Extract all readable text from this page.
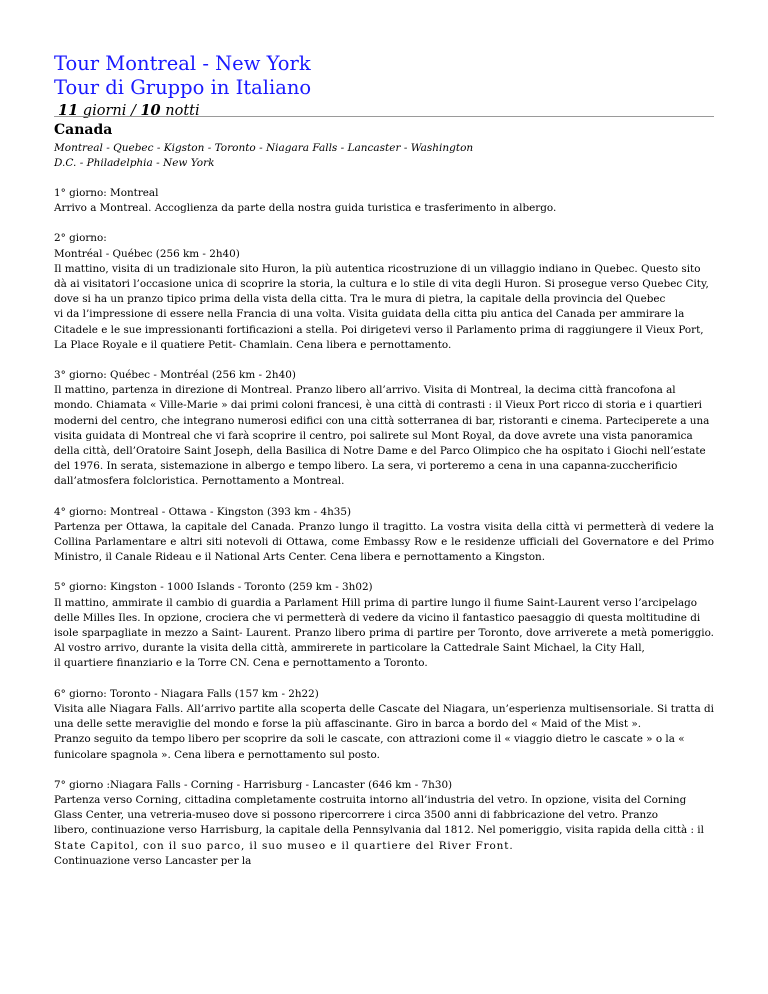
Tour Montreal - New York
Tour di Gruppo in Italiano
11 giorni / 10 notti
Canada
Montreal - Quebec - Kigston - Toronto - Niagara Falls - Lancaster - Washington D.C. - Philadelphia - New York

1° giorno: Montreal

Arrivo a Montreal. Accoglienza da parte della nostra guida turistica e trasferimento in albergo.

2° giorno:

Montréal - Québec (256 km - 2h40)

Il mattino, visita di un tradizionale sito Huron, la più autentica ricostruzione di un villaggio indiano in Quebec. Questo sito dà ai visitatori l’occasione unica di scoprire la storia, la cultura e lo stile di vita degli Huron. Si prosegue verso Quebec City, dove si ha un pranzo tipico prima della vista della citta. Tra le mura di pietra, la capitale della provincia del Quebec

vi da l’impressione di essere nella Francia di una volta. Visita guidata della citta piu antica del Canada per ammirare la Citadele e le sue impressionanti fortificazioni a stella. Poi dirigetevi verso il Parlamento prima di raggiungere il Vieux Port, La Place Royale e il quatiere Petit- Chamlain. Cena libera e pernottamento.

3° giorno: Québec - Montréal (256 km - 2h40)

Il mattino, partenza in direzione di Montreal. Pranzo libero all’arrivo. Visita di Montreal, la decima città francofona al mondo. Chiamata « Ville-Marie » dai primi coloni francesi, è una città di contrasti : il Vieux Port ricco di storia e i quartieri moderni del centro, che integrano numerosi edifici con una città sotterranea di bar, ristoranti e cinema. Parteciperete a una visita guidata di Montreal che vi farà scoprire il centro, poi salirete sul Mont Royal, da dove avrete una vista panoramica della città, dell’Oratoire Saint Joseph, della Basilica di Notre Dame e del Parco Olimpico che ha ospitato i Giochi nell’estate del 1976. In serata, sistemazione in albergo e tempo libero. La sera, vi porteremo a cena in una capanna-zuccherificio dall’atmosfera folcloristica. Pernottamento a Montreal.

4° giorno: Montreal - Ottawa - Kingston (393 km - 4h35)

Partenza per Ottawa, la capitale del Canada. Pranzo lungo il tragitto. La vostra visita della città vi permetterà di vedere la Collina Parlamentare e altri siti notevoli di Ottawa, come Embassy Row e le residenze ufficiali del Governatore e del Primo Ministro, il Canale Rideau e il National Arts Center. Cena libera e pernottamento a Kingston.

5° giorno: Kingston - 1000 Islands - Toronto (259 km - 3h02)

Il mattino, ammirate il cambio di guardia a Parlament Hill prima di partire lungo il fiume Saint-Laurent verso l’arcipelago delle Milles Iles. In opzione, crociera che vi permetterà di vedere da vicino il fantastico paesaggio di questa moltitudine di

isole sparpagliate in mezzo a Saint- Laurent. Pranzo libero prima di partire per Toronto, dove arriverete a metà pomeriggio. Al vostro arrivo, durante la visita della città, ammirerete in particolare la Cattedrale Saint Michael, la City Hall,

il quartiere finanziario e la Torre CN. Cena e pernottamento a Toronto.

6° giorno: Toronto - Niagara Falls (157 km - 2h22)

Visita alle Niagara Falls. All’arrivo partite alla scoperta delle Cascate del Niagara, un’esperienza multisensoriale. Si tratta di una delle sette meraviglie del mondo e forse la più affascinante. Giro in barca a bordo del « Maid of the Mist ».

Pranzo seguito da tempo libero per scoprire da soli le cascate, con attrazioni come il « viaggio dietro le cascate » o la « funicolare spagnola ». Cena libera e pernottamento sul posto.

7° giorno :Niagara Falls - Corning - Harrisburg - Lancaster (646 km - 7h30)

Partenza verso Corning, cittadina completamente costruita intorno all’industria del vetro. In opzione, visita del Corning Glass Center, una vetreria-museo dove si possono ripercorrere i circa 3500 anni di fabbricazione del vetro. Pranzo

libero, continuazione verso Harrisburg, la capitale della Pennsylvania dal 1812. Nel pomeriggio, visita rapida della città : il

State Capitol, con il suo parco, il suo museo e il quartiere del River Front.

Continuazione verso Lancaster per la
